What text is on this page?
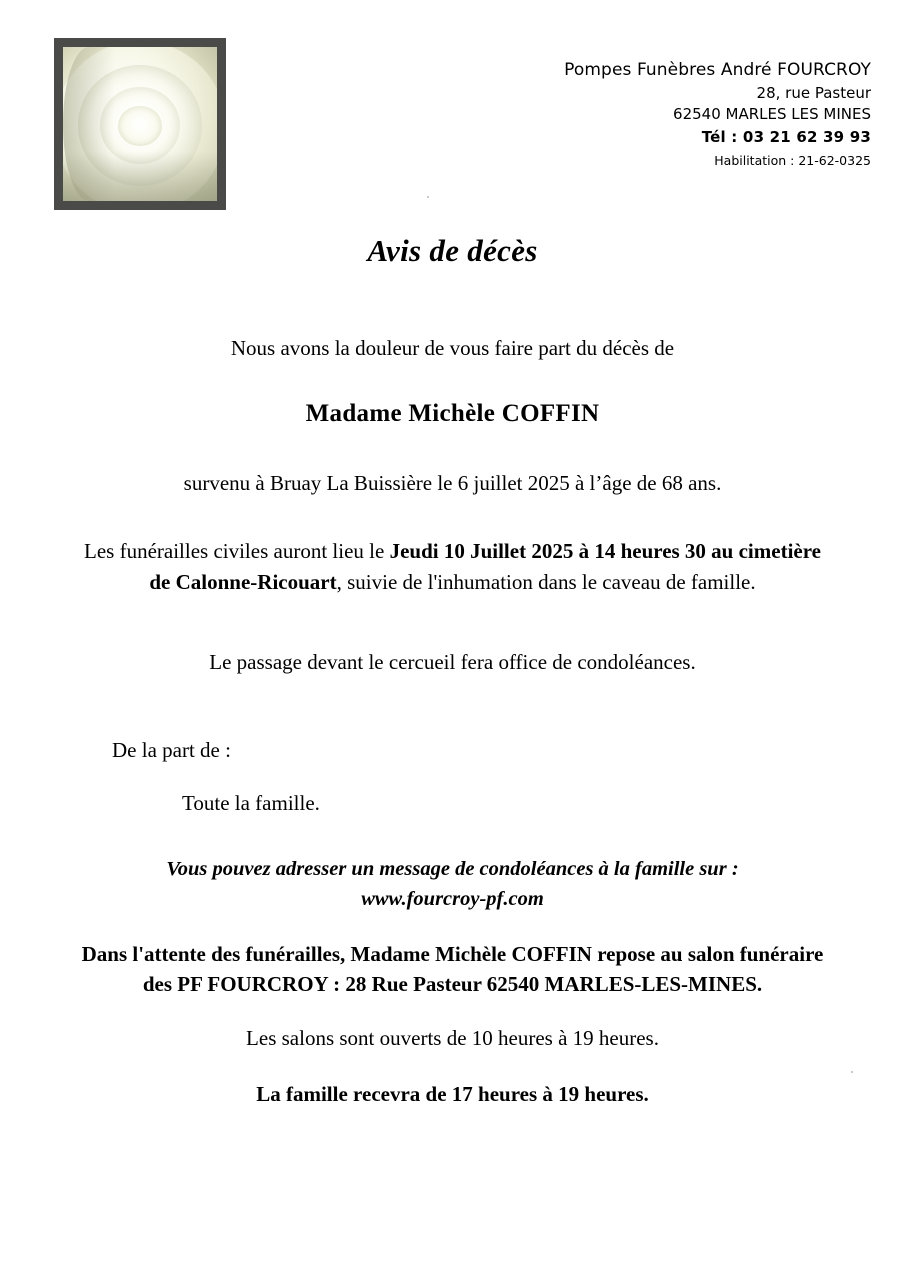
Pompes Funèbres André FOURCROY
28, rue Pasteur
62540 MARLES LES MINES
Tél : 03 21 62 39 93
Habilitation : 21-62-0325
Avis de décès
Nous avons la douleur de vous faire part du décès de
Madame Michèle COFFIN
survenu à Bruay La Buissière le 6 juillet 2025 à l’âge de 68 ans.
Les funérailles civiles auront lieu le Jeudi 10 Juillet 2025 à 14 heures 30 au cimetière
de Calonne-Ricouart, suivie de l'inhumation dans le caveau de famille.
Le passage devant le cercueil fera office de condoléances.
De la part de :
Toute la famille.
Vous pouvez adresser un message de condoléances à la famille sur :
www.fourcroy-pf.com
Dans l'attente des funérailles, Madame Michèle COFFIN repose au salon funéraire
des PF FOURCROY : 28 Rue Pasteur 62540 MARLES-LES-MINES.
Les salons sont ouverts de 10 heures à 19 heures.
La famille recevra de 17 heures à 19 heures.
